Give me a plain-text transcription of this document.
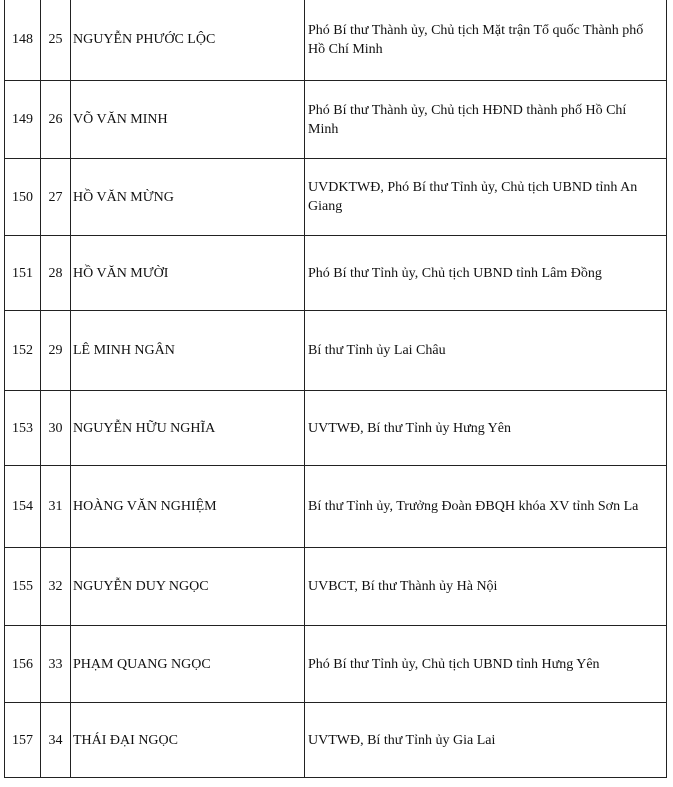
148	25	NGUYỄN PHƯỚC LỘC	Phó Bí thư Thành ủy, Chủ tịch Mặt trận Tổ quốc Thành phố Hồ Chí Minh
149	26	VÕ VĂN MINH	Phó Bí thư Thành ủy, Chủ tịch HĐND thành phố Hồ Chí Minh
150	27	HỒ VĂN MỪNG	UVDKTWĐ, Phó Bí thư Tỉnh ủy, Chủ tịch UBND tỉnh An Giang
151	28	HỒ VĂN MƯỜI	Phó Bí thư Tỉnh ủy, Chủ tịch UBND tỉnh Lâm Đồng
152	29	LÊ MINH NGÂN	Bí thư Tỉnh ủy Lai Châu
153	30	NGUYỄN HỮU NGHĨA	UVTWĐ, Bí thư Tỉnh ủy Hưng Yên
154	31	HOÀNG VĂN NGHIỆM	Bí thư Tỉnh ủy, Trưởng Đoàn ĐBQH khóa XV tỉnh Sơn La
155	32	NGUYỄN DUY NGỌC	UVBCT, Bí thư Thành ủy Hà Nội
156	33	PHẠM QUANG NGỌC	Phó Bí thư Tỉnh ủy, Chủ tịch UBND tỉnh Hưng Yên
157	34	THÁI ĐẠI NGỌC	UVTWĐ, Bí thư Tỉnh ủy Gia Lai
